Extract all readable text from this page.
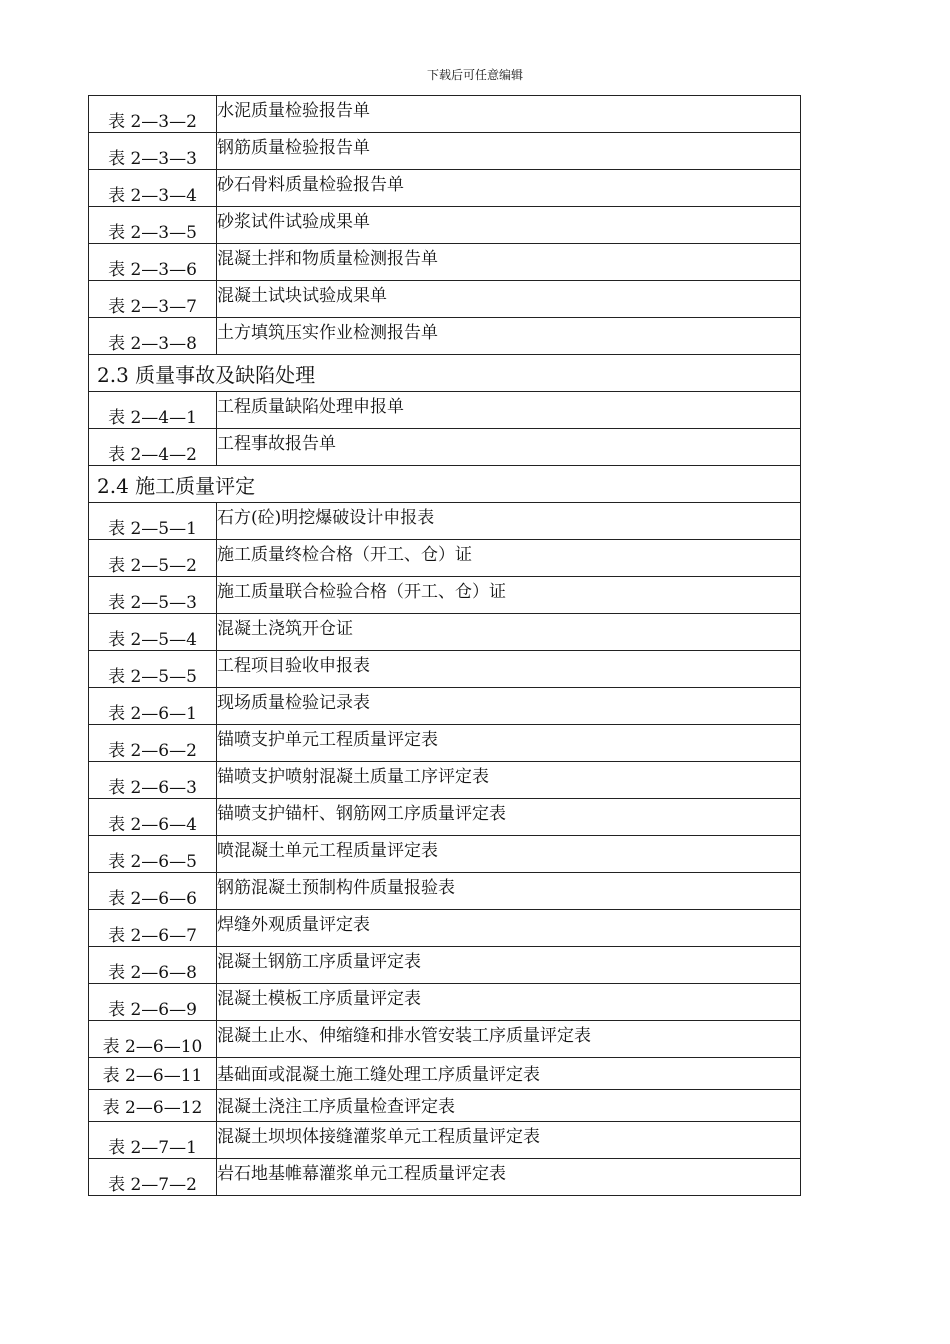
下载后可任意编辑
表 2—3—2	水泥质量检验报告单
表 2—3—3	钢筋质量检验报告单
表 2—3—4	砂石骨料质量检验报告单
表 2—3—5	砂浆试件试验成果单
表 2—3—6	混凝土拌和物质量检测报告单
表 2—3—7	混凝土试块试验成果单
表 2—3—8	土方填筑压实作业检测报告单
2.3 质量事故及缺陷处理	
表 2—4—1	工程质量缺陷处理申报单
表 2—4—2	工程事故报告单
2.4 施工质量评定	
表 2—5—1	石方(砼)明挖爆破设计申报表
表 2—5—2	施工质量终检合格（开工、仓）证
表 2—5—3	施工质量联合检验合格（开工、仓）证
表 2—5—4	混凝土浇筑开仓证
表 2—5—5	工程项目验收申报表
表 2—6—1	现场质量检验记录表
表 2—6—2	锚喷支护单元工程质量评定表
表 2—6—3	锚喷支护喷射混凝土质量工序评定表
表 2—6—4	锚喷支护锚杆、钢筋网工序质量评定表
表 2—6—5	喷混凝土单元工程质量评定表
表 2—6—6	钢筋混凝土预制构件质量报验表
表 2—6—7	焊缝外观质量评定表
表 2—6—8	混凝土钢筋工序质量评定表
表 2—6—9	混凝土模板工序质量评定表
表 2—6—10	混凝土止水、伸缩缝和排水管安装工序质量评定表
表 2—6—11	基础面或混凝土施工缝处理工序质量评定表
表 2—6—12	混凝土浇注工序质量检查评定表
表 2—7—1	混凝土坝坝体接缝灌浆单元工程质量评定表
表 2—7—2	岩石地基帷幕灌浆单元工程质量评定表
